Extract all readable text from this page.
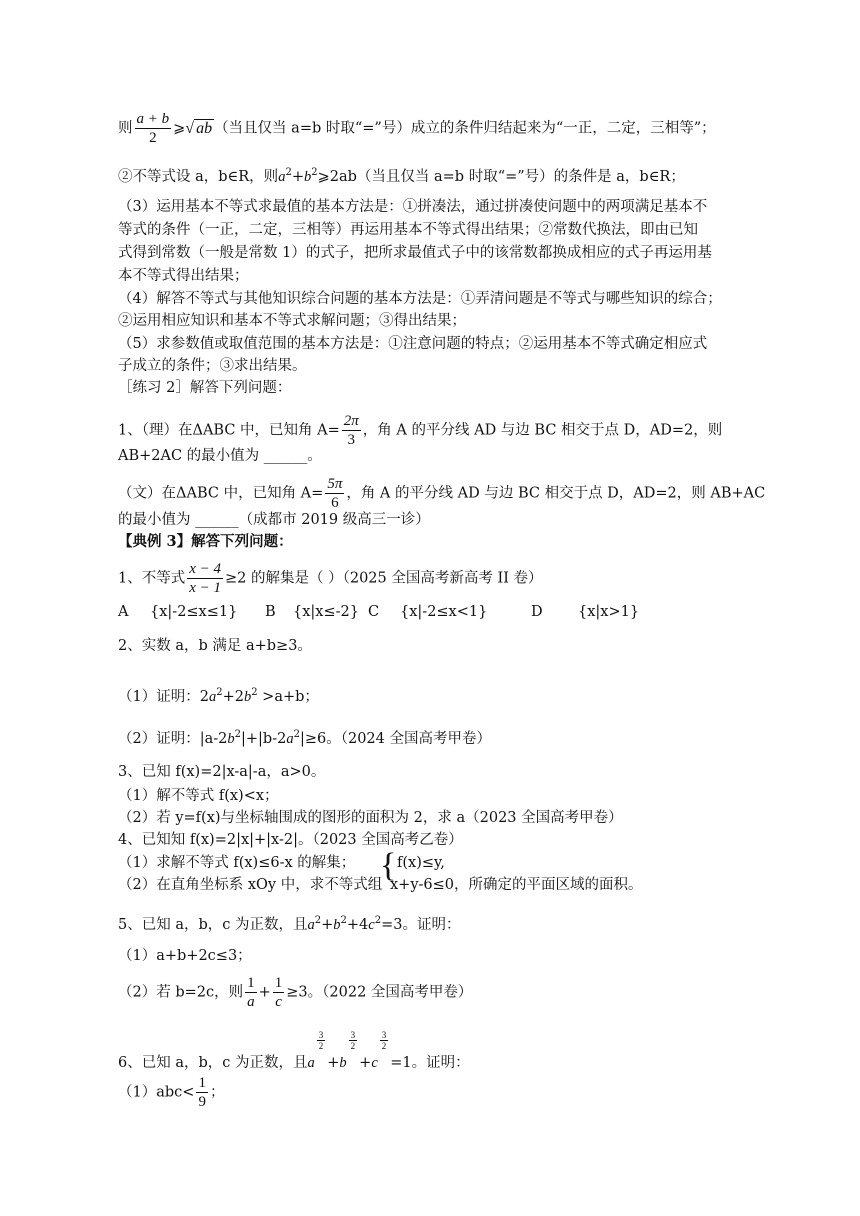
则 $\frac{a + b}{2}$ ⩾√ ab （当且仅当 a=b 时取“=”号）成立的条件归结起来为“一正，二定，三相等”；
②不等式设 a，b∈R，则$a^2+b^2⩾2ab$（当且仅当 a=b 时取“=”号）的条件是 a，b∈R；
（3）运用基本不等式求最值的基本方法是：①拼凑法，通过拼凑使问题中的两项满足基本不
等式的条件（一正，二定，三相等）再运用基本不等式得出结果；②常数代换法，即由已知
式得到常数（一般是常数 1）的式子，把所求最值式子中的该常数都换成相应的式子再运用基
本不等式得出结果；
（4）解答不等式与其他知识综合问题的基本方法是：①弄清问题是不等式与哪些知识的综合；
②运用相应知识和基本不等式求解问题；③得出结果；
（5）求参数值或取值范围的基本方法是：①注意问题的特点；②运用基本不等式确定相应式
子成立的条件；③求出结果。
［练习 2］解答下列问题：
1、（理）在ΔABC 中，已知角 $A= \frac{2\pi}{3}$ ，角 A 的平分线 AD 与边 BC 相交于点 D，AD=2，则
AB+2AC 的最小值为 ______。
（文）在ΔABC 中，已知角 $A= \frac{5\pi}{6}$ ，角 A 的平分线 AD 与边 BC 相交于点 D，AD=2，则 AB+AC
的最小值为 ______（成都市 2019 级高三一诊）
【典例 3】解答下列问题：
1、不等式 $\frac{x - 4}{x - 1} \ge 2$ 的解集是（ ）（2025 全国高考新高考 II 卷）
A {x|-2≤x≤1} B {x|x≤-2} C {x|-2≤x<1}	D {x|x>1}
2、实数 a，b 满足 a+b≥3。
（1）证明：$2a^2+2b^2 >a+b$；
（2）证明：$|a-2b^2|+|b-2a^2|\ge 6$。（2024 全国高考甲卷）
3、已知 f(x)=2|x-a|-a，a>0。
（1）解不等式 f(x)<x；
（2）若 y=f(x)与坐标轴围成的图形的面积为 2，求 a（2023 全国高考甲卷）
4、已知知 f(x)=2|x|+|x-2|。（2023 全国高考乙卷）
（1）求解不等式 f(x)≤6-x 的解集； { f(x)≤y,
（2）在直角坐标系 xOy 中，求不等式组 x+y-6≤0，所确定的平面区域的面积。
5、已知 a，b，c 为正数，且$a^2+b^2+4c^2=3$。证明：
（1）a+b+2c≤3；
（2）若 b=2c，则 $\frac{1}{a} + \frac{1}{c} \ge 3$。（2022 全国高考甲卷）
6、已知 a，b，c 为正数，且a
$\frac{3}{2}$
+b
$\frac{3}{2}$
+c
$\frac{3}{2}$
=1。证明：
$(1)abc< \frac{1}{9}$ ；
